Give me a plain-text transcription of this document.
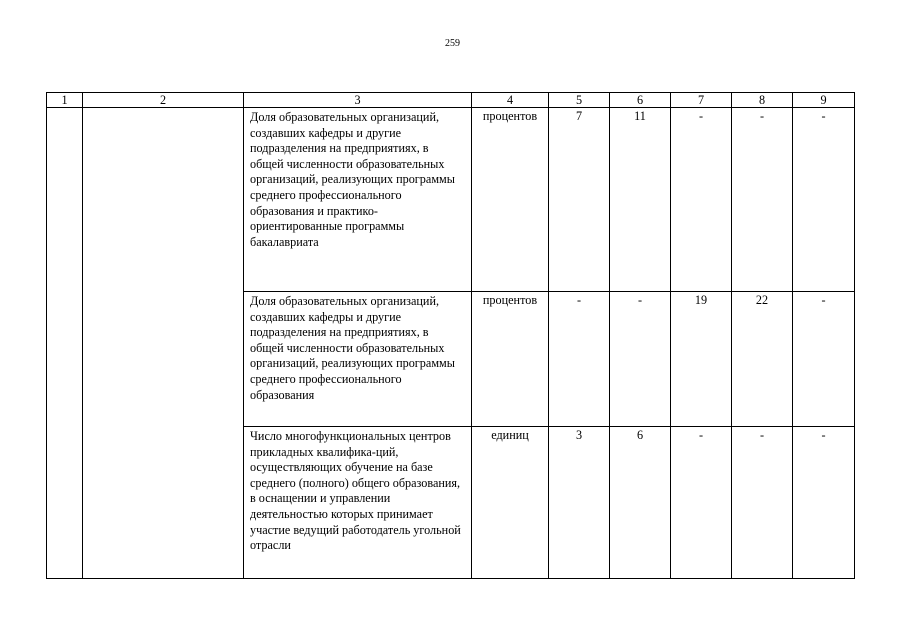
259
1	2	3	4	5	6	7	8	9
		Доля образовательных организаций, создавших кафедры и другие подразделения на предприятиях, в общей численности образовательных организаций, реализующих программы среднего профессионального образования и практико-ориентированные программы бакалавриата	процентов	7	11	-	-	-
		Доля образовательных организаций, создавших кафедры и другие подразделения на предприятиях, в общей численности образовательных организаций, реализующих программы среднего профессионального образования	процентов	-	-	19	22	-
		Число многофункциональных центров прикладных квалифика-ций, осуществляющих обучение на базе среднего (полного) общего образования, в оснащении и управлении деятельностью которых принимает участие ведущий работодатель угольной отрасли	единиц	3	6	-	-	-
